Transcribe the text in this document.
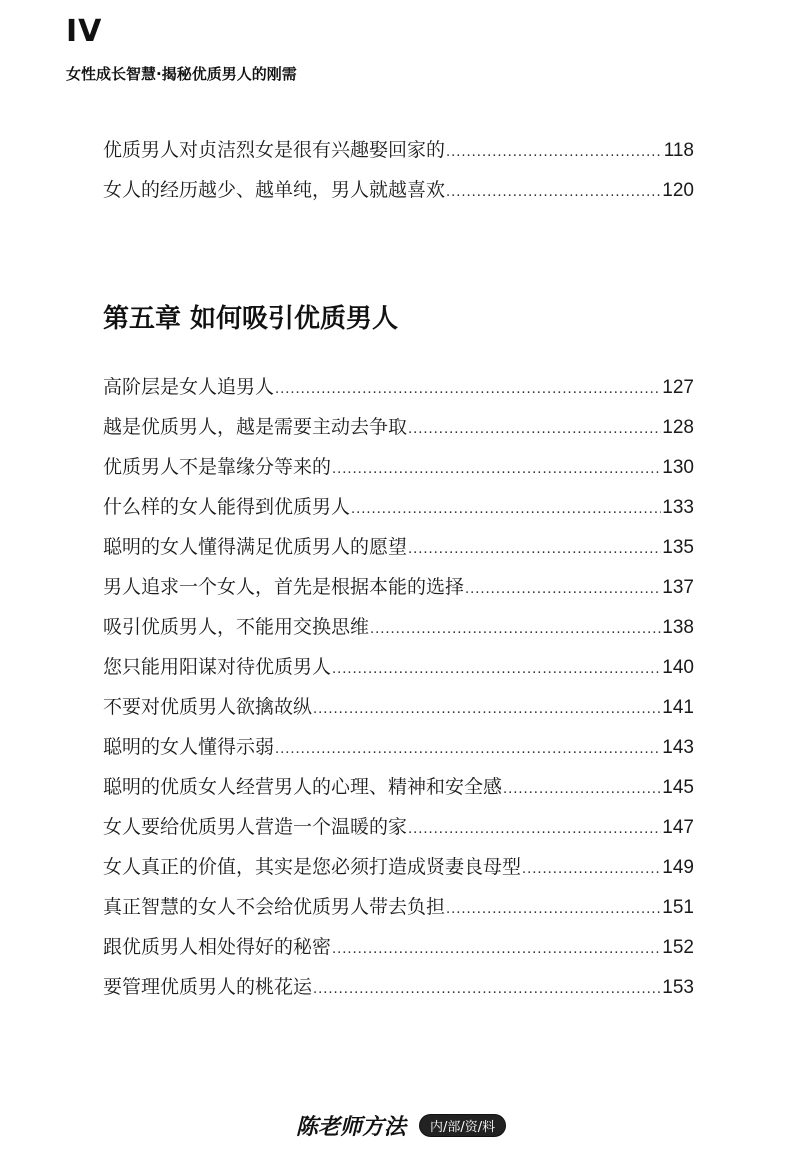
IV
女性成长智慧·揭秘优质男人的刚需
优质男人对贞洁烈女是很有兴趣娶回家的 .....	118
女人的经历越少、越单纯，男人就越喜欢 .....	120
第五章 如何吸引优质男人
高阶层是女人追男人 .....	127
越是优质男人，越是需要主动去争取 .....	128
优质男人不是靠缘分等来的 .....	130
什么样的女人能得到优质男人 .....	133
聪明的女人懂得满足优质男人的愿望 .....	135
男人追求一个女人，首先是根据本能的选择 .....	137
吸引优质男人，不能用交换思维 .....	138
您只能用阳谋对待优质男人 .....	140
不要对优质男人欲擒故纵 .....	141
聪明的女人懂得示弱 .....	143
聪明的优质女人经营男人的心理、精神和安全感 .....	145
女人要给优质男人营造一个温暖的家 .....	147
女人真正的价值，其实是您必须打造成贤妻良母型 .....	149
真正智慧的女人不会给优质男人带去负担 .....	151
跟优质男人相处得好的秘密 .....	152
要管理优质男人的桃花运 .....	153
陈老师方法 内/部/资/料
